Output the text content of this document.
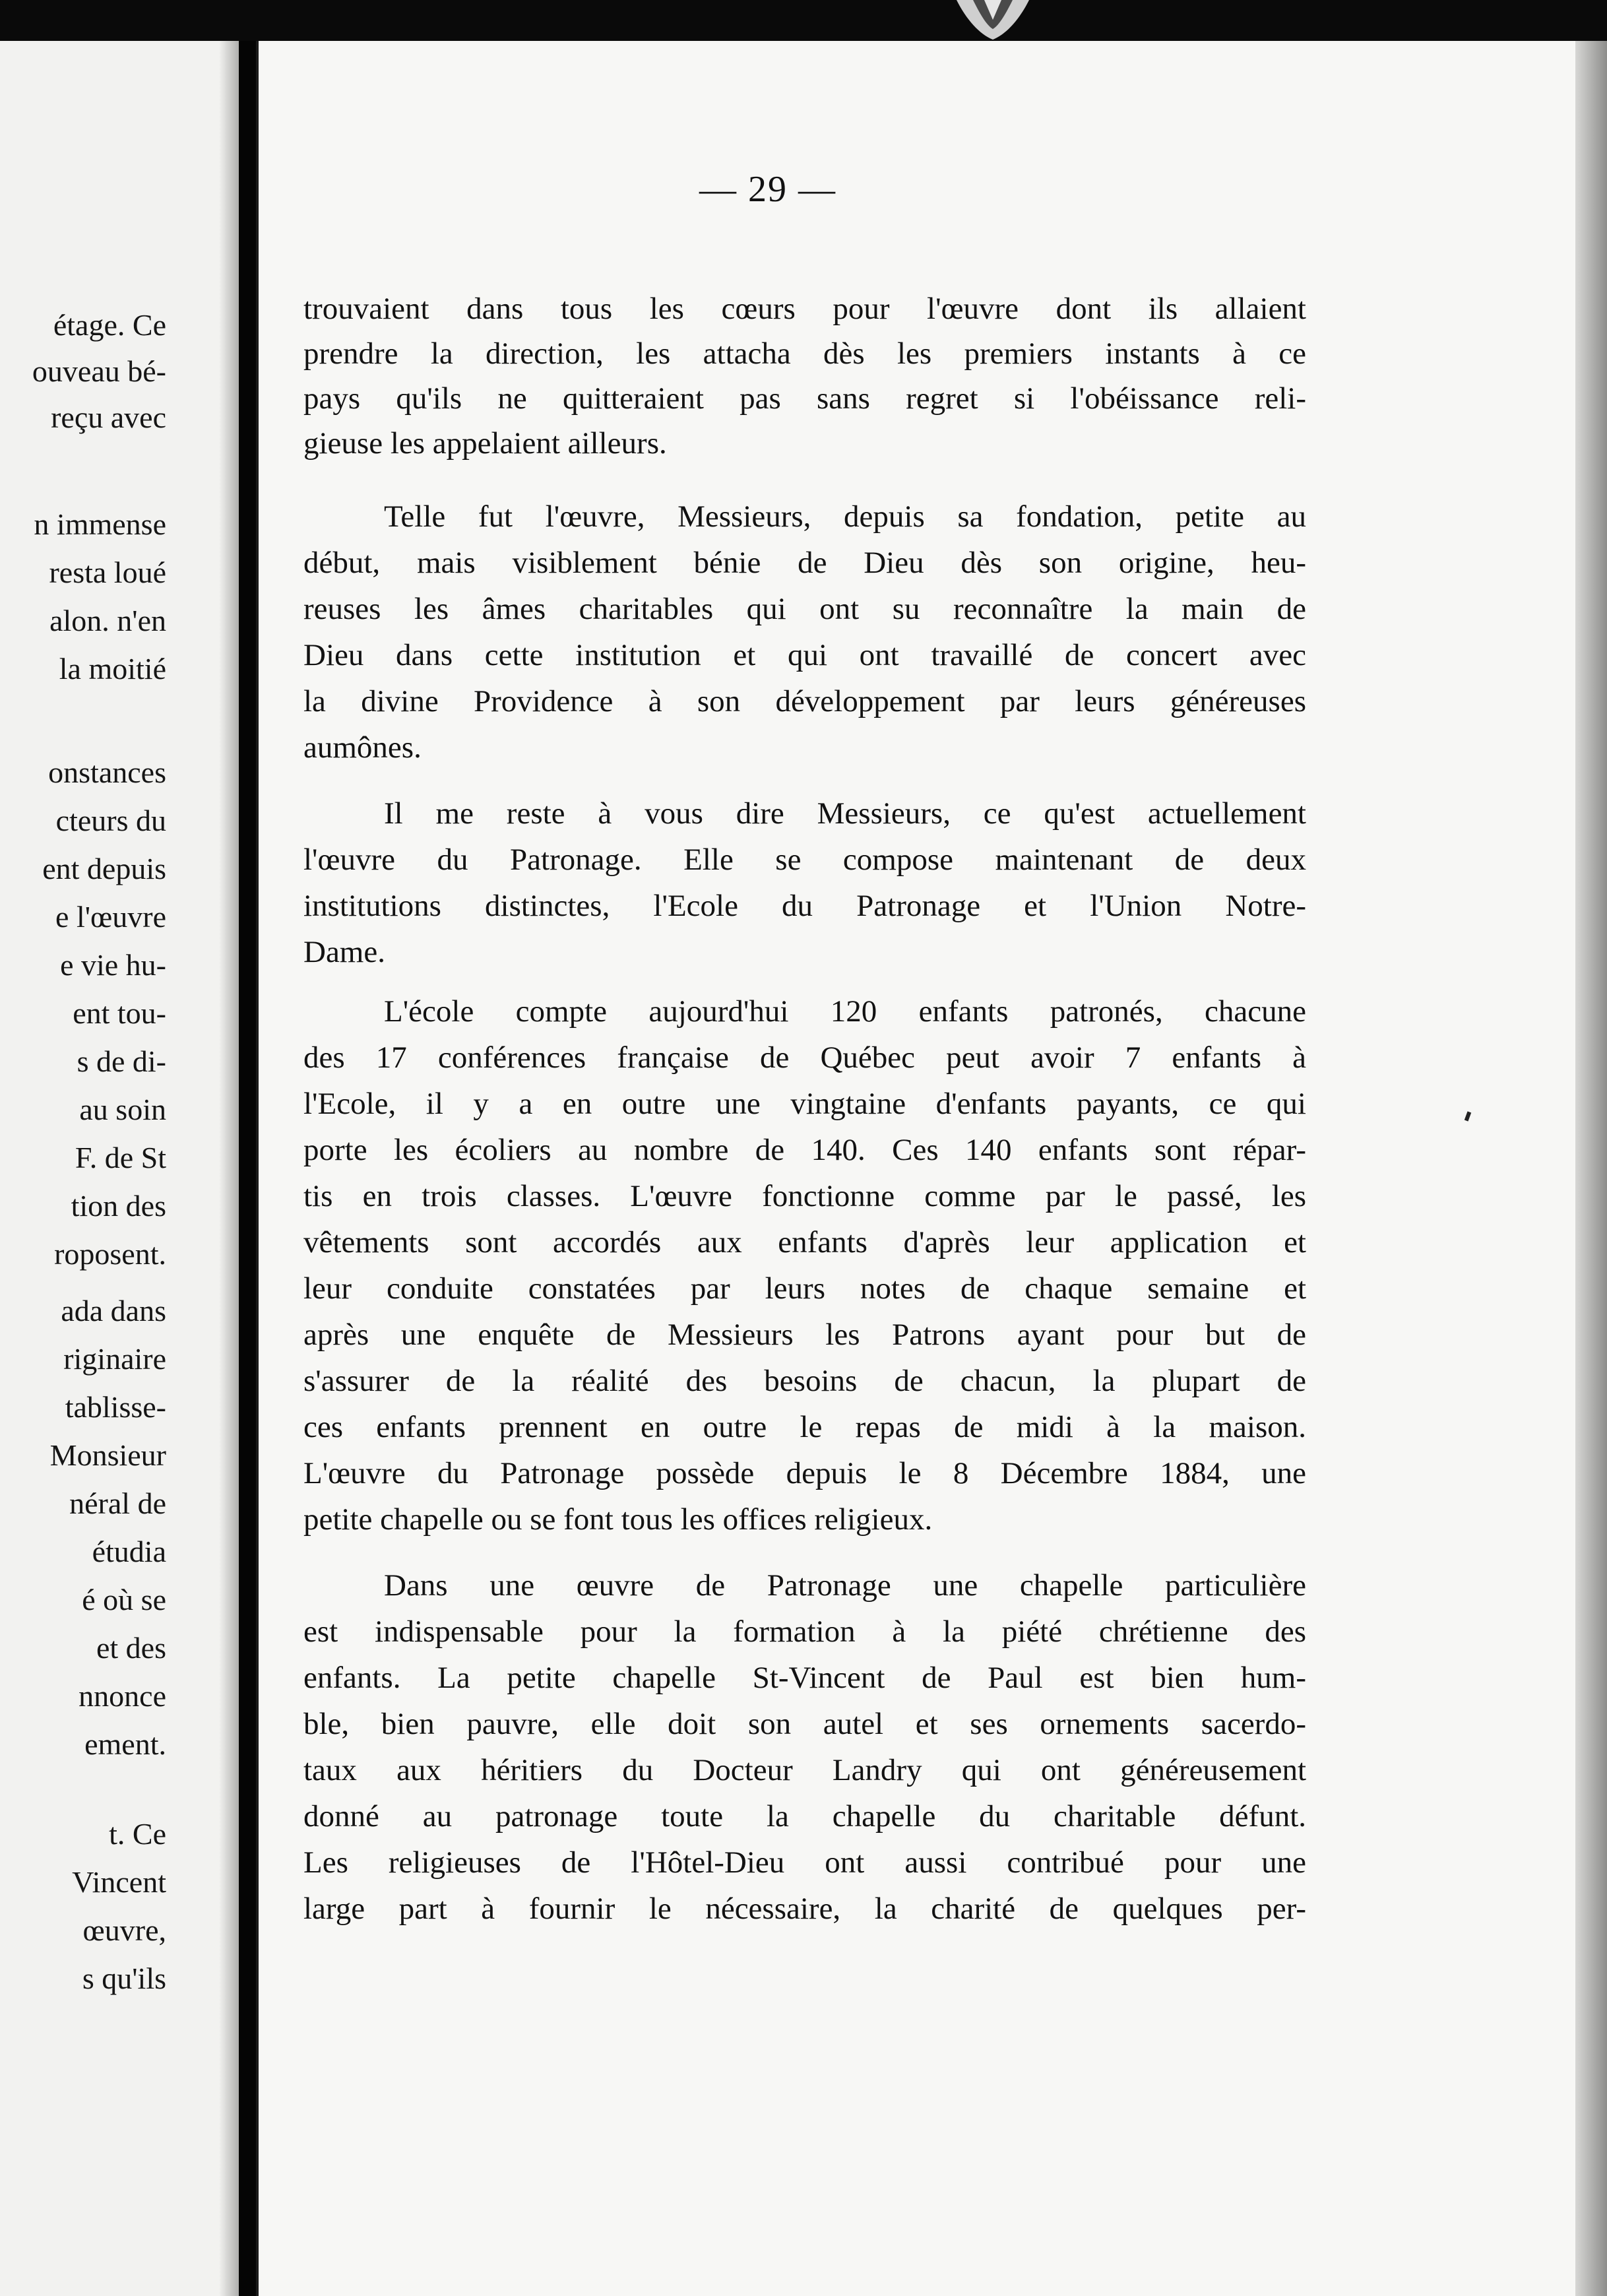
étage. Ce
ouveau bé-
reçu avec
n immense
resta loué
alon. n'en
la moitié
onstances
cteurs du
ent depuis
e l'œuvre
e vie hu-
ent tou-
s de di-
au soin
F. de St
tion des
roposent.
ada dans
riginaire
tablisse-
Monsieur
néral de
étudia
é où se
et des
nnonce
ement.
t. Ce
Vincent
œuvre,
s qu'ils
— 29 —
trouvaient dans tous les cœurs pour l'œuvre dont ils allaient
prendre la direction, les attacha dès les premiers instants à ce
pays qu'ils ne quitteraient pas sans regret si l'obéissance reli-
gieuse les appelaient ailleurs.
Telle fut l'œuvre, Messieurs, depuis sa fondation, petite au
début, mais visiblement bénie de Dieu dès son origine, heu-
reuses les âmes charitables qui ont su reconnaître la main de
Dieu dans cette institution et qui ont travaillé de concert avec
la divine Providence à son développement par leurs généreuses
aumônes.
Il me reste à vous dire Messieurs, ce qu'est actuellement
l'œuvre du Patronage. Elle se compose maintenant de deux
institutions distinctes, l'Ecole du Patronage et l'Union Notre-
Dame.
L'école compte aujourd'hui 120 enfants patronés, chacune
des 17 conférences française de Québec peut avoir 7 enfants à
l'Ecole, il y a en outre une vingtaine d'enfants payants, ce qui
porte les écoliers au nombre de 140. Ces 140 enfants sont répar-
tis en trois classes. L'œuvre fonctionne comme par le passé, les
vêtements sont accordés aux enfants d'après leur application et
leur conduite constatées par leurs notes de chaque semaine et
après une enquête de Messieurs les Patrons ayant pour but de
s'assurer de la réalité des besoins de chacun, la plupart de
ces enfants prennent en outre le repas de midi à la maison.
L'œuvre du Patronage possède depuis le 8 Décembre 1884, une
petite chapelle ou se font tous les offices religieux.
Dans une œuvre de Patronage une chapelle particulière
est indispensable pour la formation à la piété chrétienne des
enfants. La petite chapelle St-Vincent de Paul est bien hum-
ble, bien pauvre, elle doit son autel et ses ornements sacerdo-
taux aux héritiers du Docteur Landry qui ont généreusement
donné au patronage toute la chapelle du charitable défunt.
Les religieuses de l'Hôtel-Dieu ont aussi contribué pour une
large part à fournir le nécessaire, la charité de quelques per-
